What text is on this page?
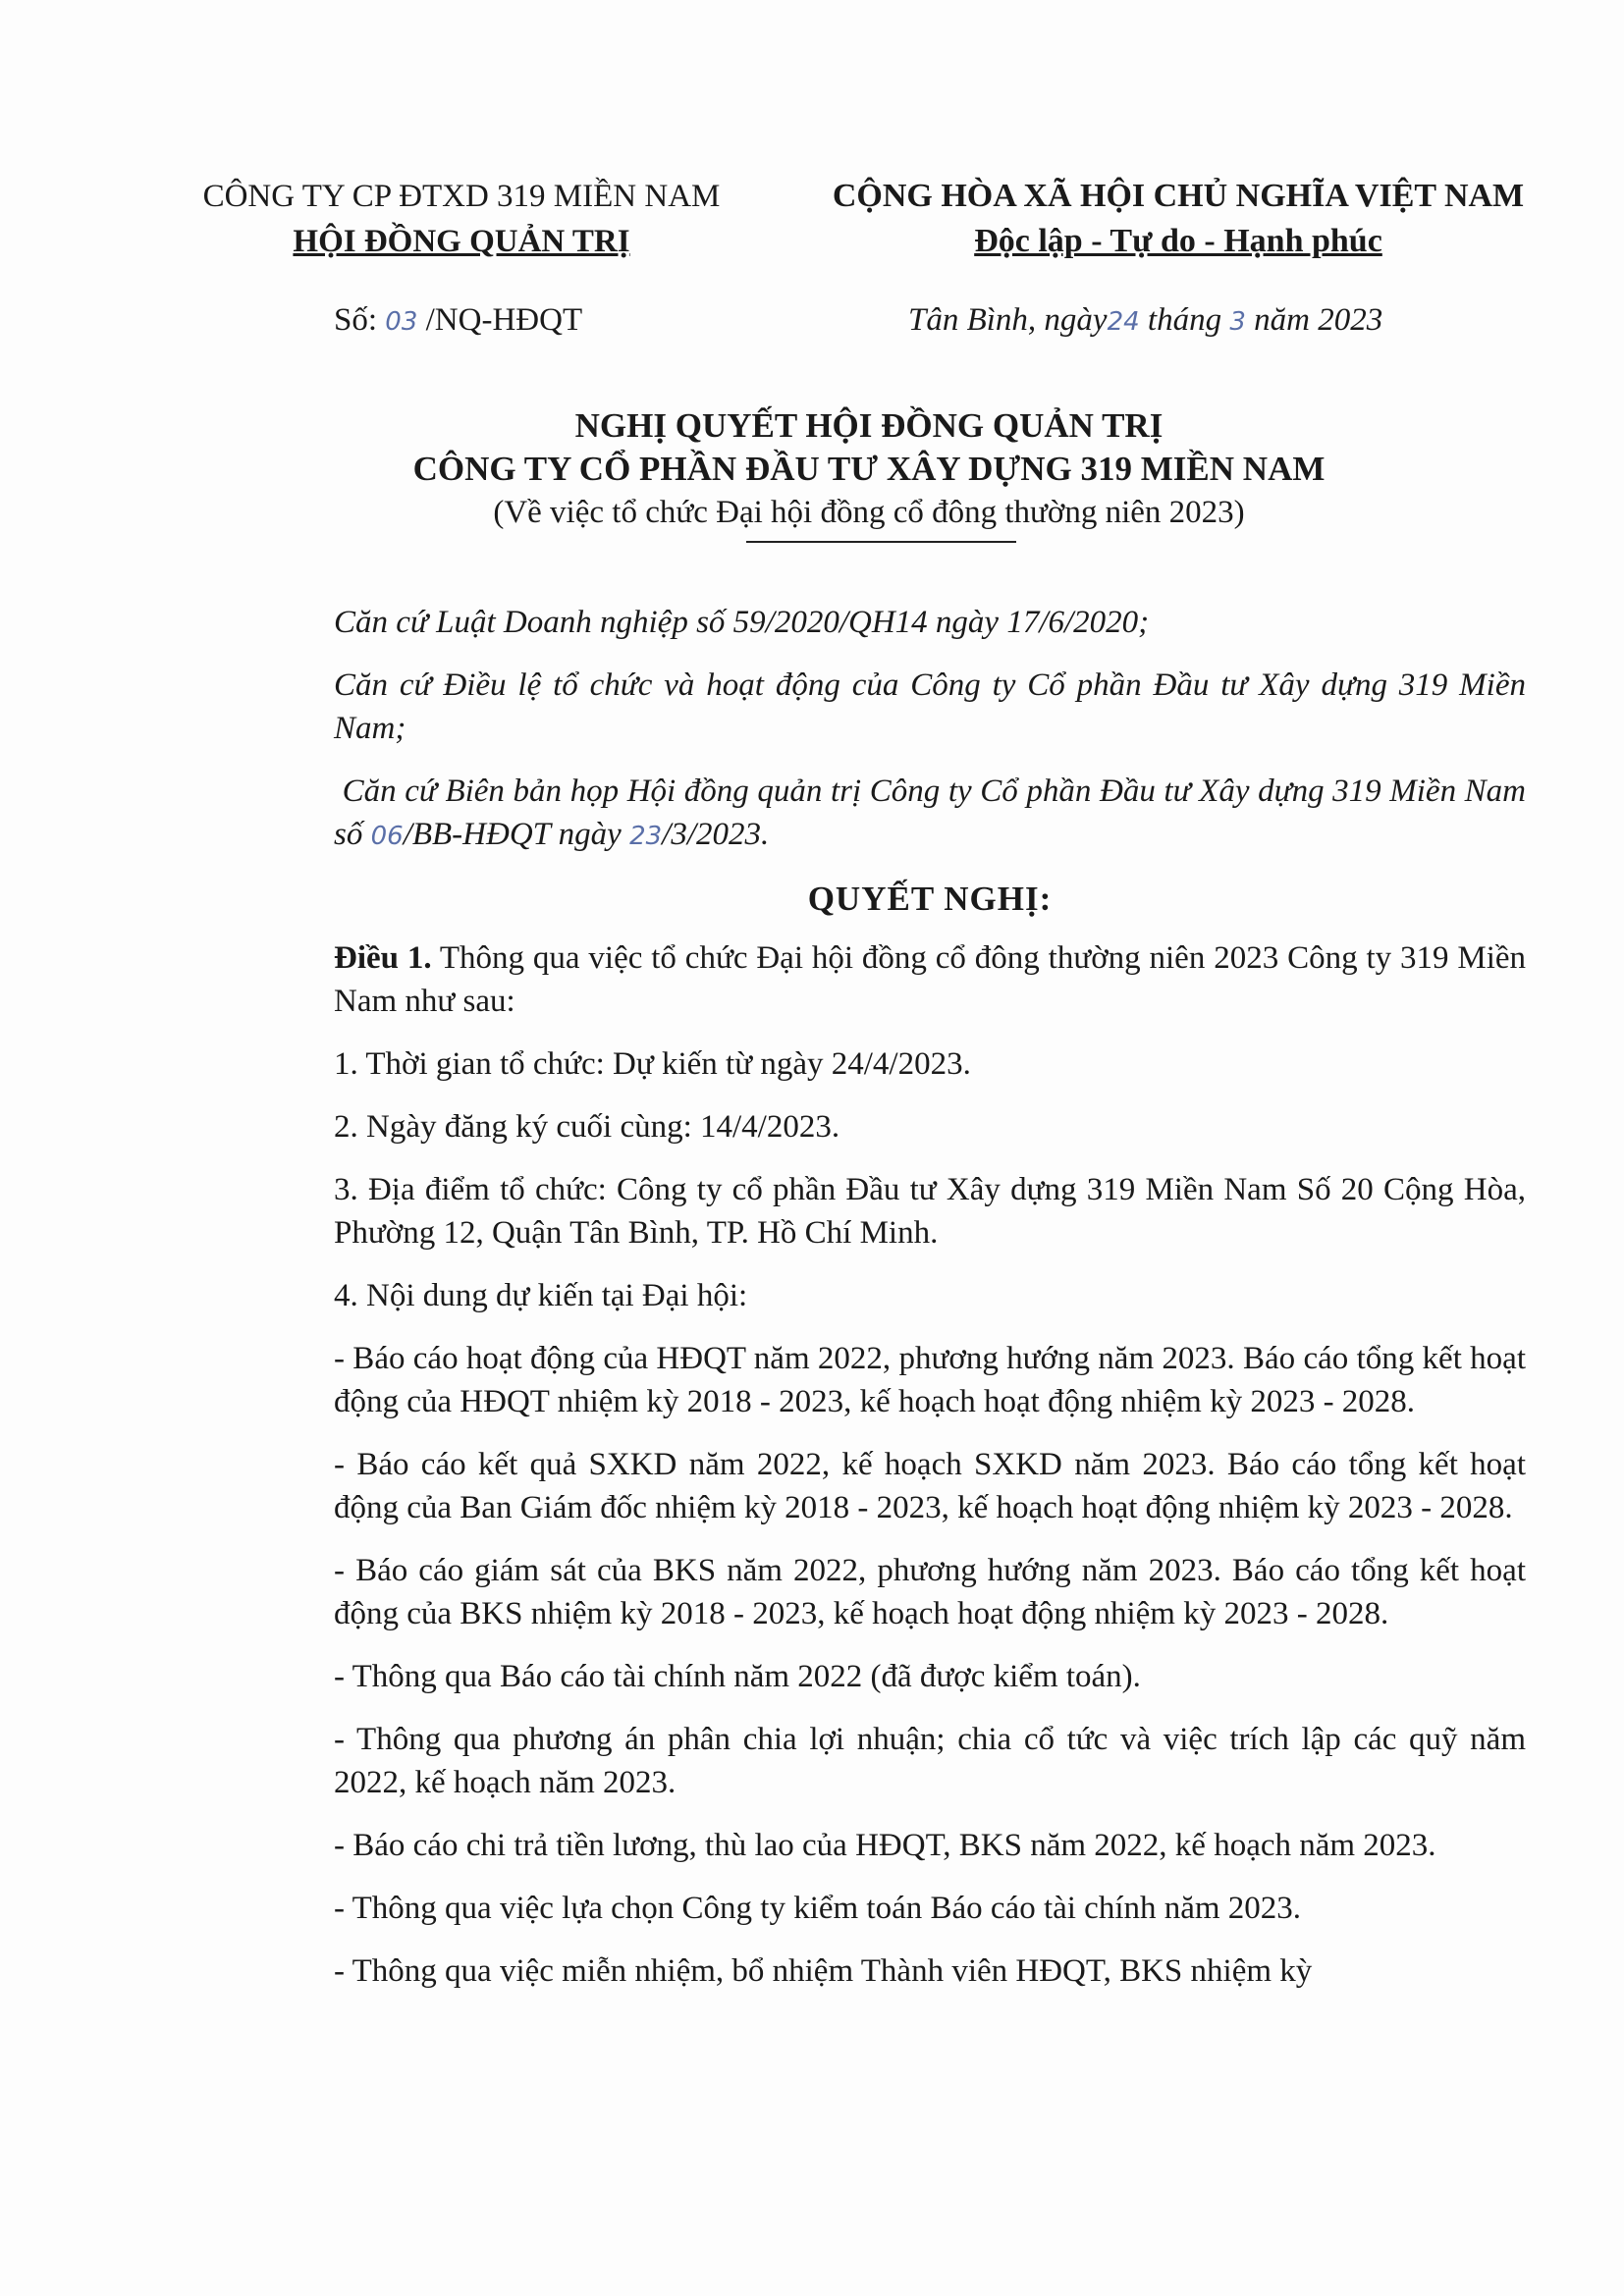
CÔNG TY CP ĐTXD 319 MIỀN NAM
HỘI ĐỒNG QUẢN TRỊ
CỘNG HÒA XÃ HỘI CHỦ NGHĨA VIỆT NAM
Độc lập - Tự do - Hạnh phúc
Số: 03 /NQ-HĐQT	Tân Bình, ngày24 tháng 3 năm 2023
NGHỊ QUYẾT HỘI ĐỒNG QUẢN TRỊ
CÔNG TY CỔ PHẦN ĐẦU TƯ XÂY DỰNG 319 MIỀN NAM
(Về việc tổ chức Đại hội đồng cổ đông thường niên 2023)

Căn cứ Luật Doanh nghiệp số 59/2020/QH14 ngày 17/6/2020;

Căn cứ Điều lệ tổ chức và hoạt động của Công ty Cổ phần Đầu tư Xây dựng 319 Miền Nam;

Căn cứ Biên bản họp Hội đồng quản trị Công ty Cổ phần Đầu tư Xây dựng 319 Miền Nam số 06/BB-HĐQT ngày 23/3/2023.

QUYẾT NGHỊ:

Điều 1. Thông qua việc tổ chức Đại hội đồng cổ đông thường niên 2023 Công ty 319 Miền Nam như sau:

1. Thời gian tổ chức: Dự kiến từ ngày 24/4/2023.

2. Ngày đăng ký cuối cùng: 14/4/2023.

3. Địa điểm tổ chức: Công ty cổ phần Đầu tư Xây dựng 319 Miền Nam Số 20 Cộng Hòa, Phường 12, Quận Tân Bình, TP. Hồ Chí Minh.

4. Nội dung dự kiến tại Đại hội:

- Báo cáo hoạt động của HĐQT năm 2022, phương hướng năm 2023. Báo cáo tổng kết hoạt động của HĐQT nhiệm kỳ 2018 - 2023, kế hoạch hoạt động nhiệm kỳ 2023 - 2028.

- Báo cáo kết quả SXKD năm 2022, kế hoạch SXKD năm 2023. Báo cáo tổng kết hoạt động của Ban Giám đốc nhiệm kỳ 2018 - 2023, kế hoạch hoạt động nhiệm kỳ 2023 - 2028.

- Báo cáo giám sát của BKS năm 2022, phương hướng năm 2023. Báo cáo tổng kết hoạt động của BKS nhiệm kỳ 2018 - 2023, kế hoạch hoạt động nhiệm kỳ 2023 - 2028.

- Thông qua Báo cáo tài chính năm 2022 (đã được kiểm toán).

- Thông qua phương án phân chia lợi nhuận; chia cổ tức và việc trích lập các quỹ năm 2022, kế hoạch năm 2023.

- Báo cáo chi trả tiền lương, thù lao của HĐQT, BKS năm 2022, kế hoạch năm 2023.

- Thông qua việc lựa chọn Công ty kiểm toán Báo cáo tài chính năm 2023.

- Thông qua việc miễn nhiệm, bổ nhiệm Thành viên HĐQT, BKS nhiệm kỳ
